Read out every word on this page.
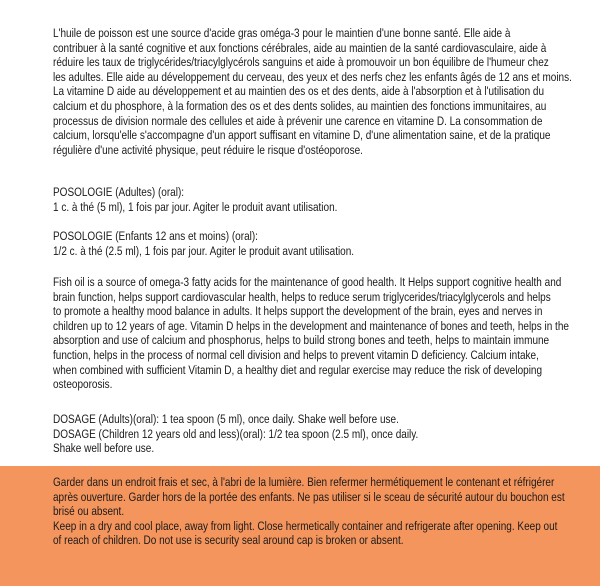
L'huile de poisson est une source d'acide gras oméga-3 pour le maintien d'une bonne santé. Elle aide à
contribuer à la santé cognitive et aux fonctions cérébrales, aide au maintien de la santé cardiovasculaire, aide à
réduire les taux de triglycérides/triacylglycérols sanguins et aide à promouvoir un bon équilibre de l'humeur chez
les adultes. Elle aide au développement du cerveau, des yeux et des nerfs chez les enfants âgés de 12 ans et moins.
La vitamine D aide au développement et au maintien des os et des dents, aide à l'absorption et à l'utilisation du
calcium et du phosphore, à la formation des os et des dents solides, au maintien des fonctions immunitaires, au
processus de division normale des cellules et aide à prévenir une carence en vitamine D. La consommation de
calcium, lorsqu'elle s'accompagne d'un apport suffisant en vitamine D, d'une alimentation saine, et de la pratique
régulière d'une activité physique, peut réduire le risque d'ostéoporose.
POSOLOGIE (Adultes) (oral):
1 c. à thé (5 ml), 1 fois par jour. Agiter le produit avant utilisation.
POSOLOGIE (Enfants 12 ans et moins) (oral):
1/2 c. à thé (2.5 ml), 1 fois par jour. Agiter le produit avant utilisation.
Fish oil is a source of omega-3 fatty acids for the maintenance of good health. It Helps support cognitive health and
brain function, helps support cardiovascular health, helps to reduce serum triglycerides/triacylglycerols and helps
to promote a healthy mood balance in adults. It helps support the development of the brain, eyes and nerves in
children up to 12 years of age. Vitamin D helps in the development and maintenance of bones and teeth, helps in the
absorption and use of calcium and phosphorus, helps to build strong bones and teeth, helps to maintain immune
function, helps in the process of normal cell division and helps to prevent vitamin D deficiency. Calcium intake,
when combined with sufficient Vitamin D, a healthy diet and regular exercise may reduce the risk of developing
osteoporosis.
DOSAGE (Adults)(oral): 1 tea spoon (5 ml), once daily. Shake well before use.
DOSAGE (Children 12 years old and less)(oral): 1/2 tea spoon (2.5 ml), once daily.
Shake well before use.
Garder dans un endroit frais et sec, à l'abri de la lumière. Bien refermer hermétiquement le contenant et réfrigérer
après ouverture. Garder hors de la portée des enfants. Ne pas utiliser si le sceau de sécurité autour du bouchon est
brisé ou absent.
Keep in a dry and cool place, away from light. Close hermetically container and refrigerate after opening. Keep out
of reach of children. Do not use is security seal around cap is broken or absent.
